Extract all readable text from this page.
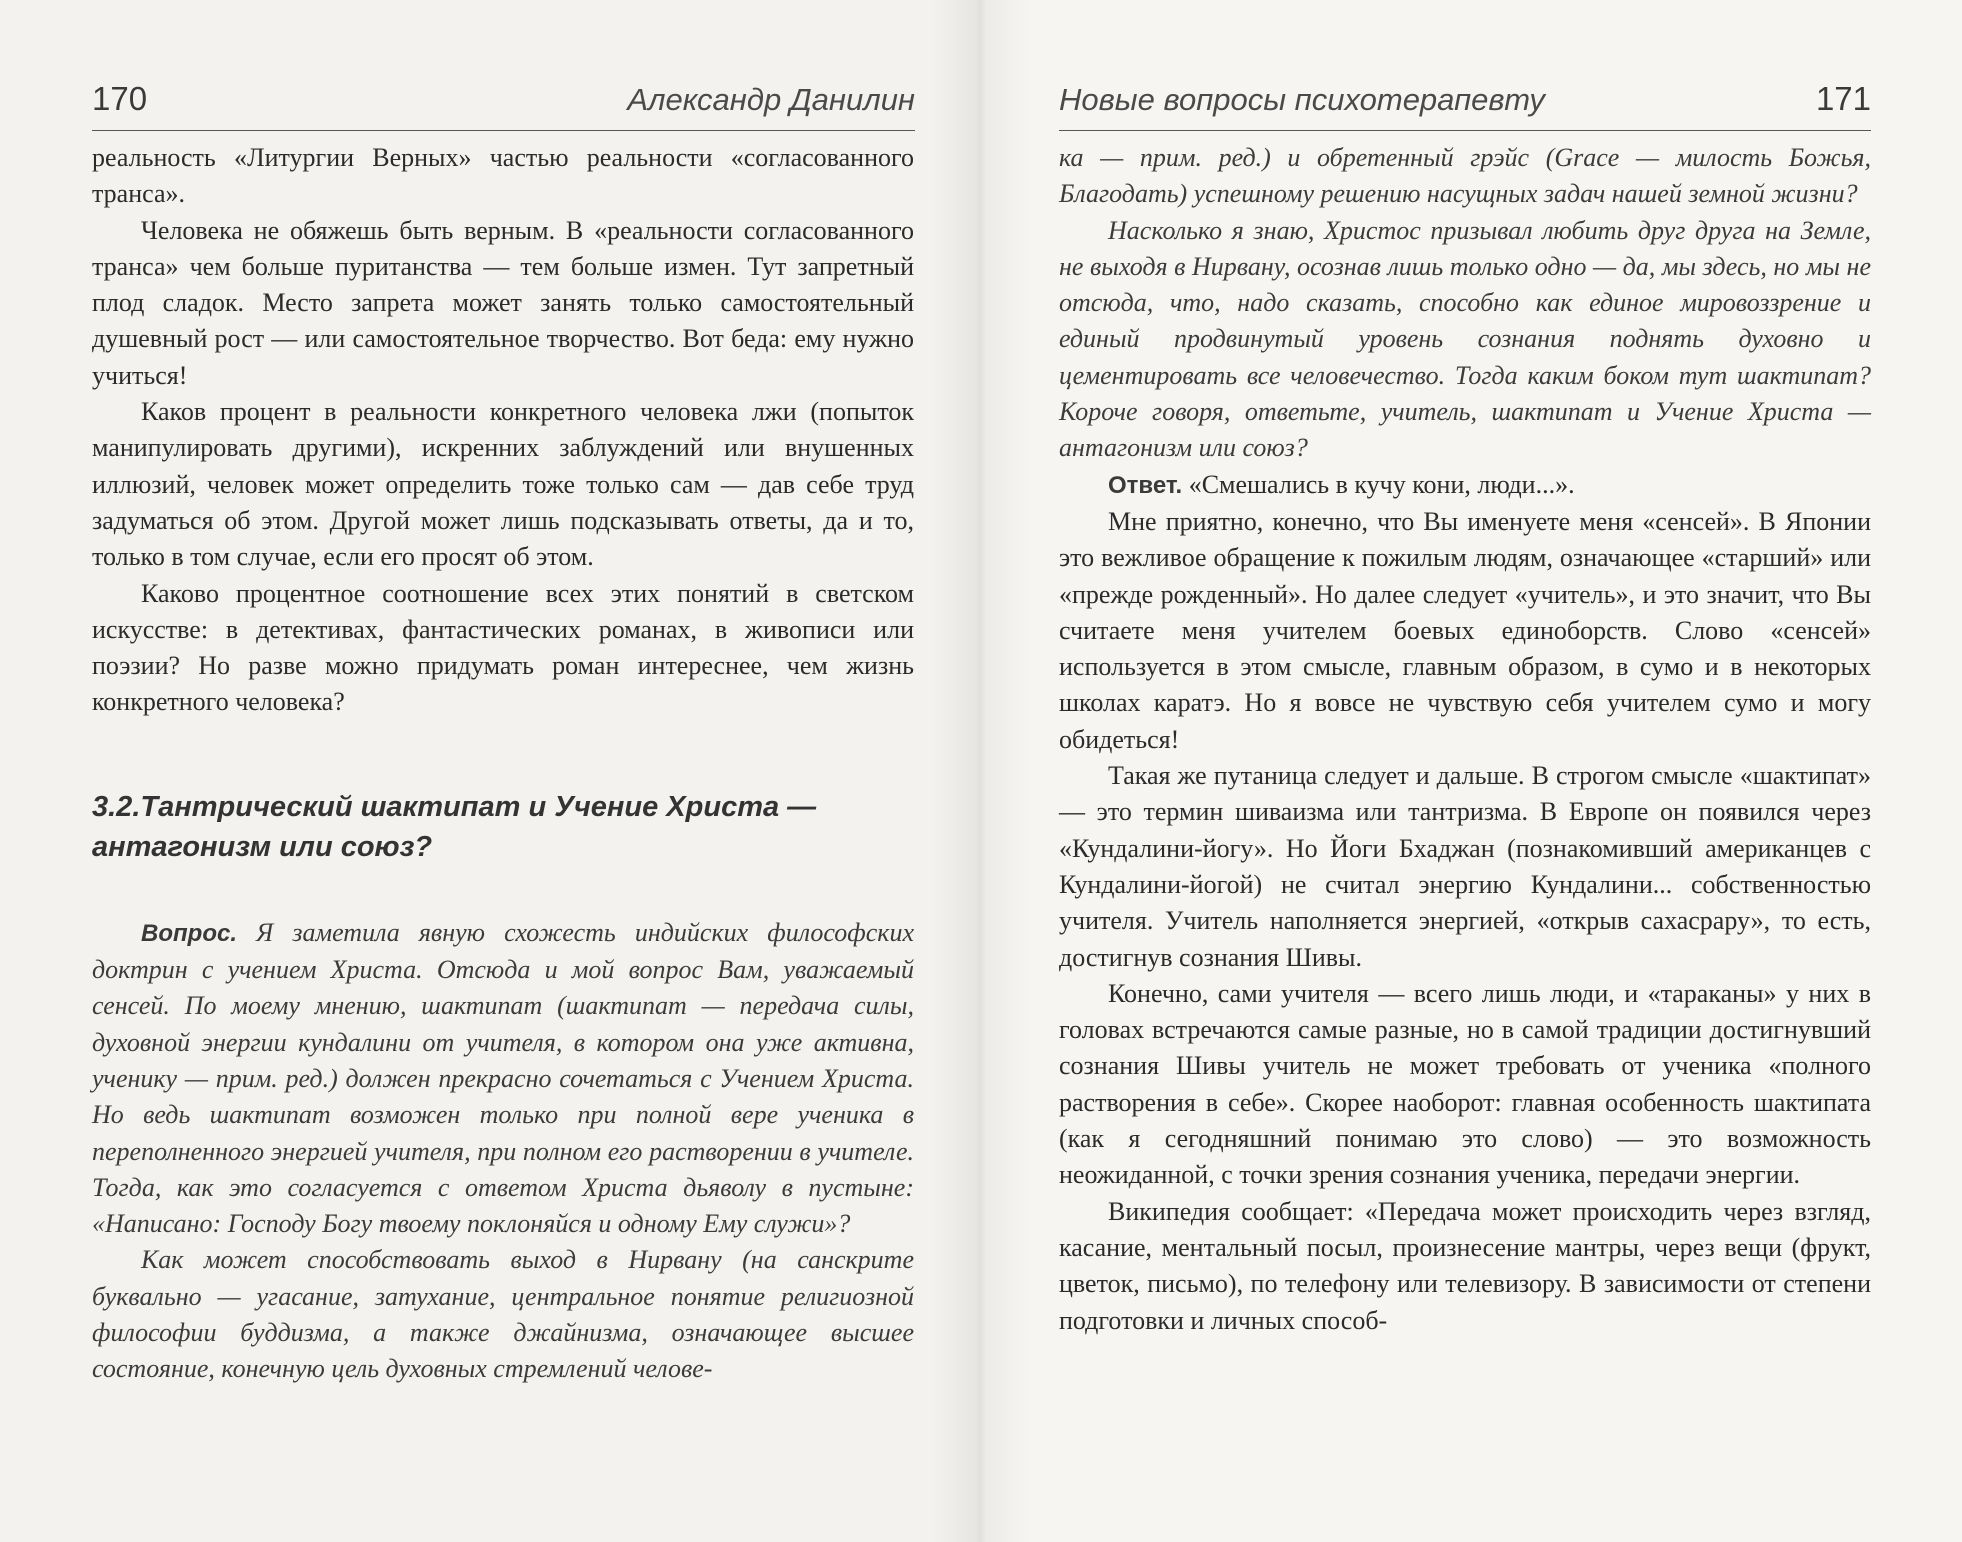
170	Александр Данилин

реальность «Литургии Верных» частью реальности «согласованного транса».

Человека не обяжешь быть верным. В «реальности согласованного транса» чем больше пуританства — тем больше измен. Тут запретный плод сладок. Место запрета может занять только самостоятельный душевный рост — или самостоятельное творчество. Вот беда: ему нужно учиться!

Каков процент в реальности конкретного человека лжи (попыток манипулировать другими), искренних заблуждений или внушенных иллюзий, человек может определить тоже только сам — дав себе труд задуматься об этом. Другой может лишь подсказывать ответы, да и то, только в том случае, если его просят об этом.

Каково процентное соотношение всех этих понятий в светском искусстве: в детективах, фантастических романах, в живописи или поэзии? Но разве можно придумать роман интереснее, чем жизнь конкретного человека?

3.2.Тантрический шактипат и Учение Христа — антагонизм или союз?

Вопрос. Я заметила явную схожесть индийских философских доктрин с учением Христа. Отсюда и мой вопрос Вам, уважаемый сенсей. По моему мнению, шактипат (шактипат — передача силы, духовной энергии кундалини от учителя, в котором она уже активна, ученику — прим. ред.) должен прекрасно сочетаться с Учением Христа. Но ведь шактипат возможен только при полной вере ученика в переполненного энергией учителя, при полном его растворении в учителе. Тогда, как это согласуется с ответом Христа дьяволу в пустыне: «Написано: Господу Богу твоему поклоняйся и одному Ему служи»?

Как может способствовать выход в Нирвану (на санскрите буквально — угасание, затухание, центральное понятие религиозной философии буддизма, а также джайнизма, означающее высшее состояние, конечную цель духовных стремлений челове-

Новые вопросы психотерапевту	171

ка — прим. ред.) и обретенный грэйс (Grace — милость Божья, Благодать) успешному решению насущных задач нашей земной жизни?

Насколько я знаю, Христос призывал любить друг друга на Земле, не выходя в Нирвану, осознав лишь только одно — да, мы здесь, но мы не отсюда, что, надо сказать, способно как единое мировоззрение и единый продвинутый уровень сознания поднять духовно и цементировать все человечество. Тогда каким боком тут шактипат? Короче говоря, ответьте, учитель, шактипат и Учение Христа — антагонизм или союз?

Ответ. «Смешались в кучу кони, люди...».

Мне приятно, конечно, что Вы именуете меня «сенсей». В Японии это вежливое обращение к пожилым людям, означающее «старший» или «прежде рожденный». Но далее следует «учитель», и это значит, что Вы считаете меня учителем боевых единоборств. Слово «сенсей» используется в этом смысле, главным образом, в сумо и в некоторых школах каратэ. Но я вовсе не чувствую себя учителем сумо и могу обидеться!

Такая же путаница следует и дальше. В строгом смысле «шактипат» — это термин шиваизма или тантризма. В Европе он появился через «Кундалини-йогу». Но Йоги Бхаджан (познакомивший американцев с Кундалини-йогой) не считал энергию Кундалини... собственностью учителя. Учитель наполняется энергией, «открыв сахасрару», то есть, достигнув сознания Шивы.

Конечно, сами учителя — всего лишь люди, и «тараканы» у них в головах встречаются самые разные, но в самой традиции достигнувший сознания Шивы учитель не может требовать от ученика «полного растворения в себе». Скорее наоборот: главная особенность шактипата (как я сегодняшний понимаю это слово) — это возможность неожиданной, с точки зрения сознания ученика, передачи энергии.

Википедия сообщает: «Передача может происходить через взгляд, касание, ментальный посыл, произнесение мантры, через вещи (фрукт, цветок, письмо), по телефону или телевизору. В зависимости от степени подготовки и личных способ-
